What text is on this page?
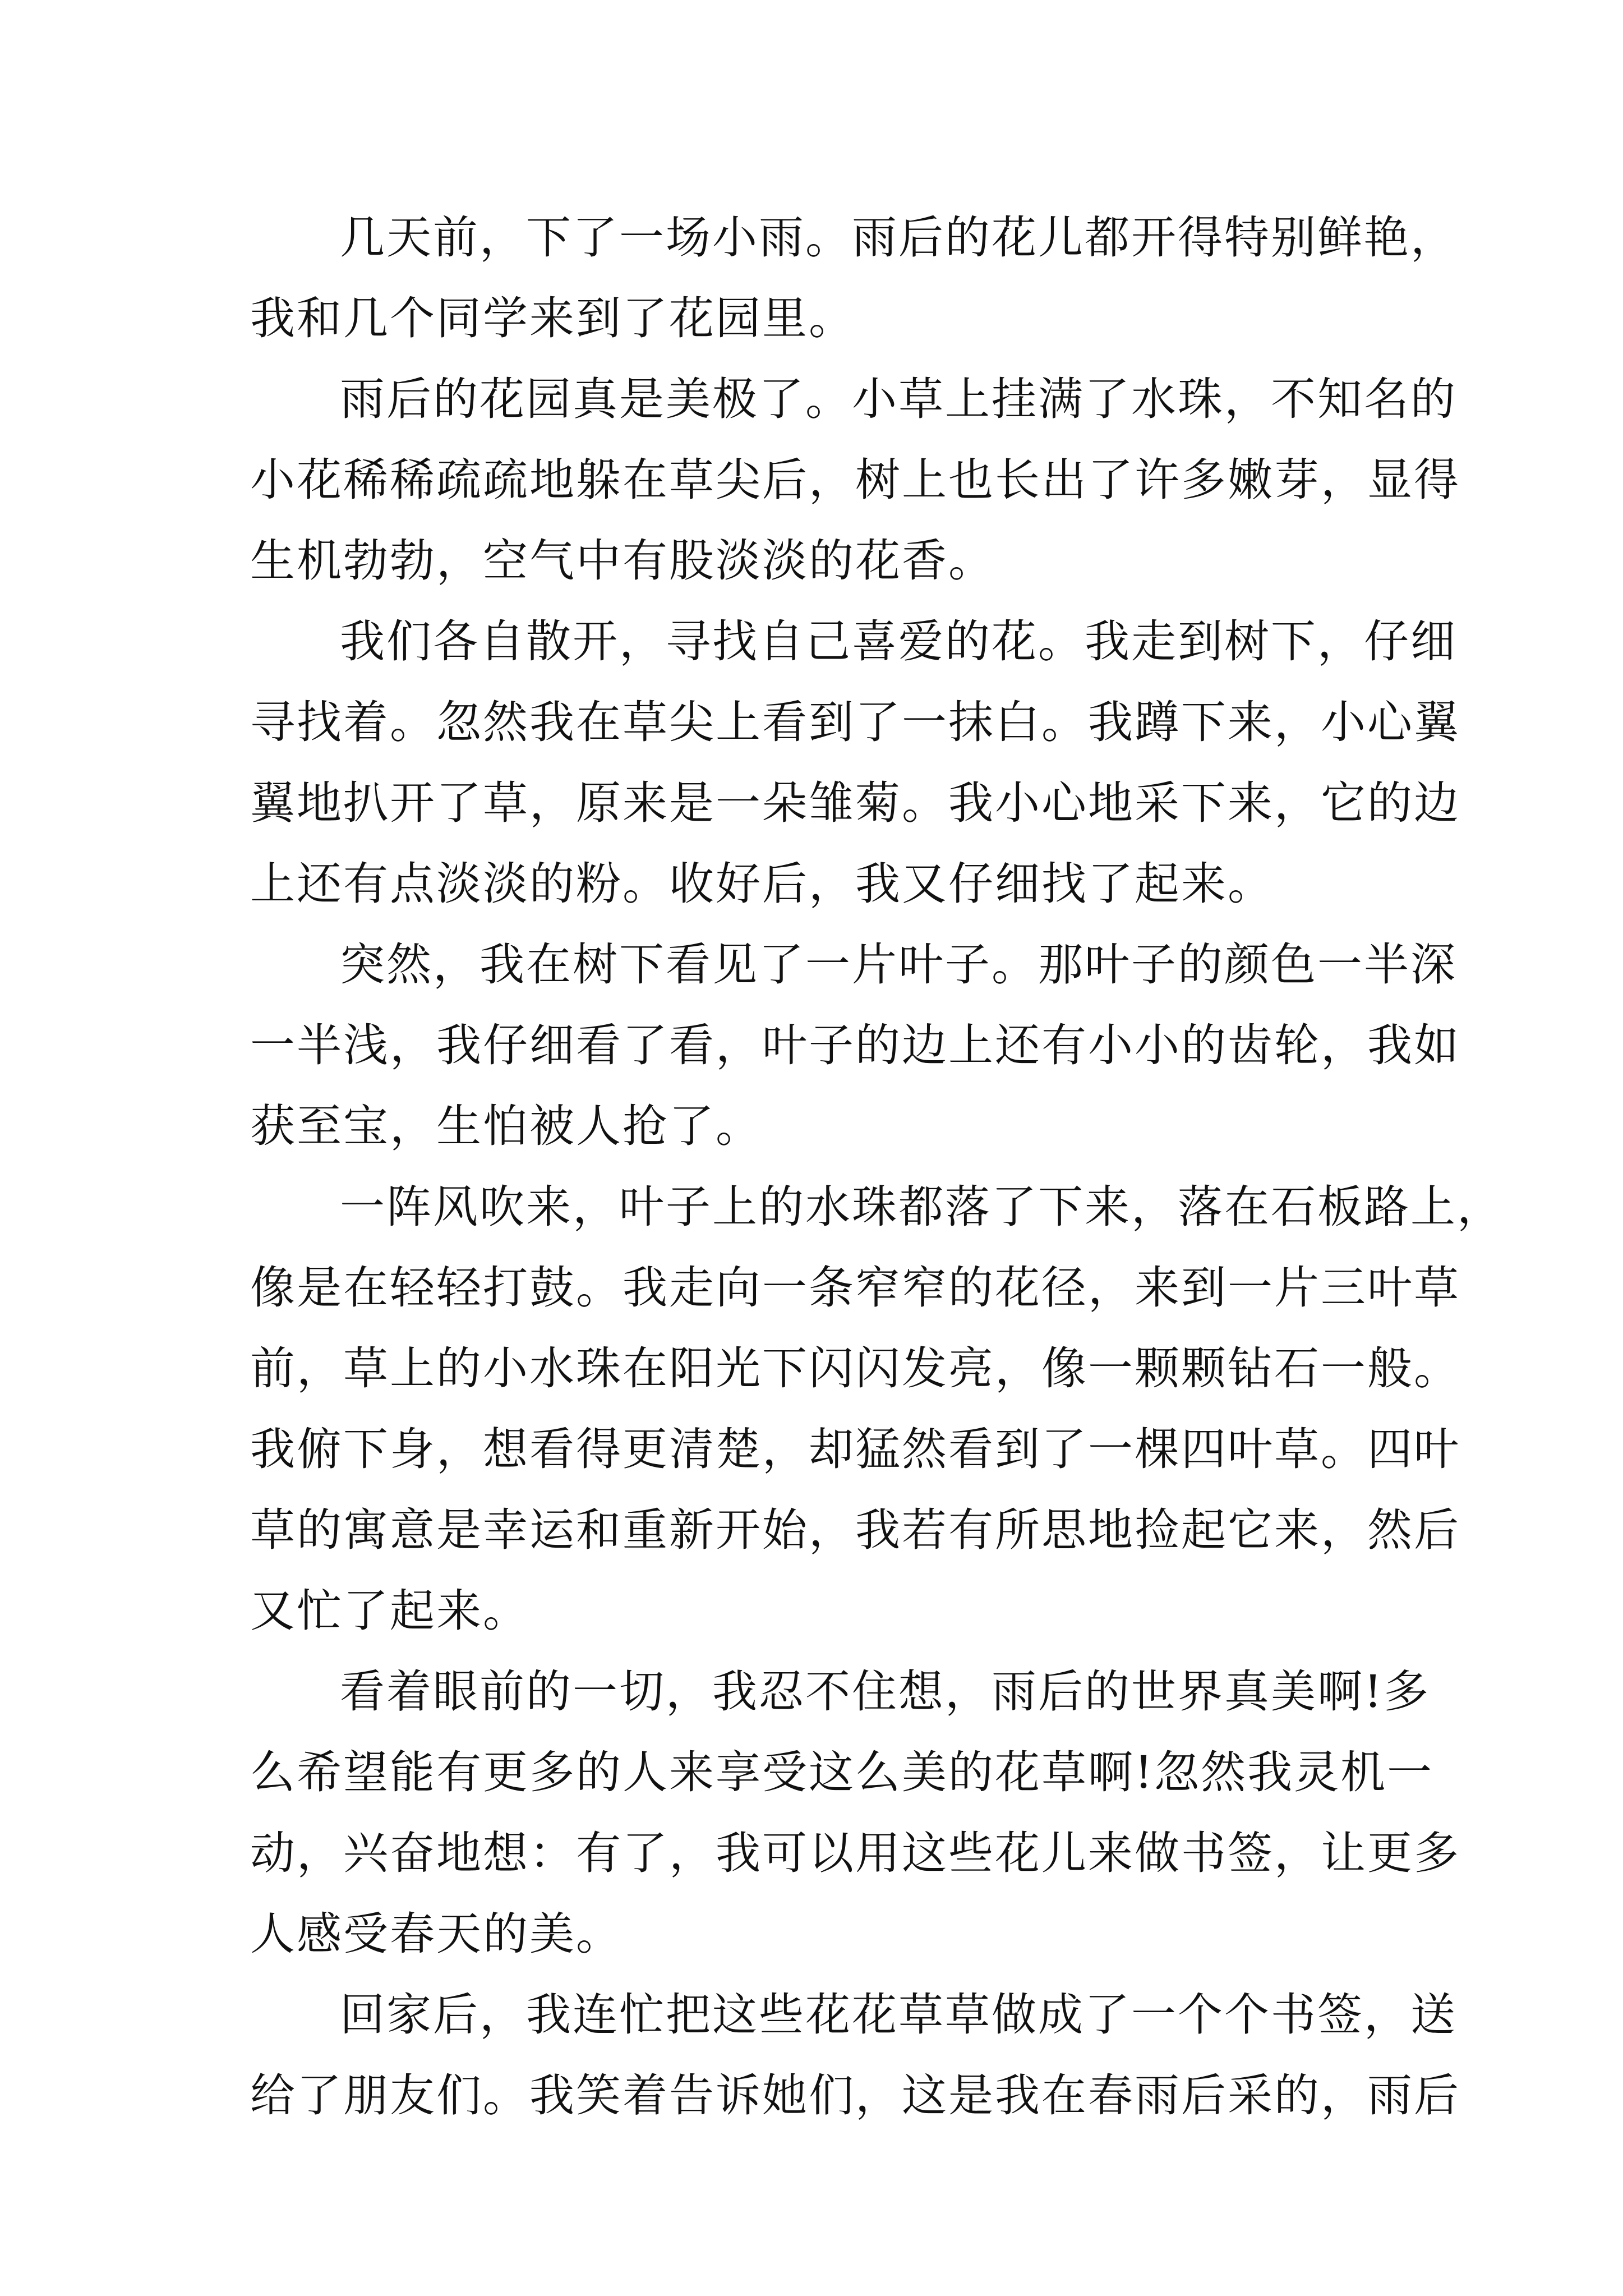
几天前，下了一场小雨。雨后的花儿都开得特别鲜艳，
我和几个同学来到了花园里。
雨后的花园真是美极了。小草上挂满了水珠，不知名的
小花稀稀疏疏地躲在草尖后，树上也长出了许多嫩芽，显得
生机勃勃，空气中有股淡淡的花香。
我们各自散开，寻找自己喜爱的花。我走到树下，仔细
寻找着。忽然我在草尖上看到了一抹白。我蹲下来，小心翼
翼地扒开了草，原来是一朵雏菊。我小心地采下来，它的边
上还有点淡淡的粉。收好后，我又仔细找了起来。
突然，我在树下看见了一片叶子。那叶子的颜色一半深
一半浅，我仔细看了看，叶子的边上还有小小的齿轮，我如
获至宝，生怕被人抢了。
一阵风吹来，叶子上的水珠都落了下来，落在石板路上，
像是在轻轻打鼓。我走向一条窄窄的花径，来到一片三叶草
前，草上的小水珠在阳光下闪闪发亮，像一颗颗钻石一般。
我俯下身，想看得更清楚，却猛然看到了一棵四叶草。四叶
草的寓意是幸运和重新开始，我若有所思地捡起它来，然后
又忙了起来。
看着眼前的一切，我忍不住想，雨后的世界真美啊!多
么希望能有更多的人来享受这么美的花草啊!忽然我灵机一
动，兴奋地想：有了，我可以用这些花儿来做书签，让更多
人感受春天的美。
回家后，我连忙把这些花花草草做成了一个个书签，送
给了朋友们。我笑着告诉她们，这是我在春雨后采的，雨后
